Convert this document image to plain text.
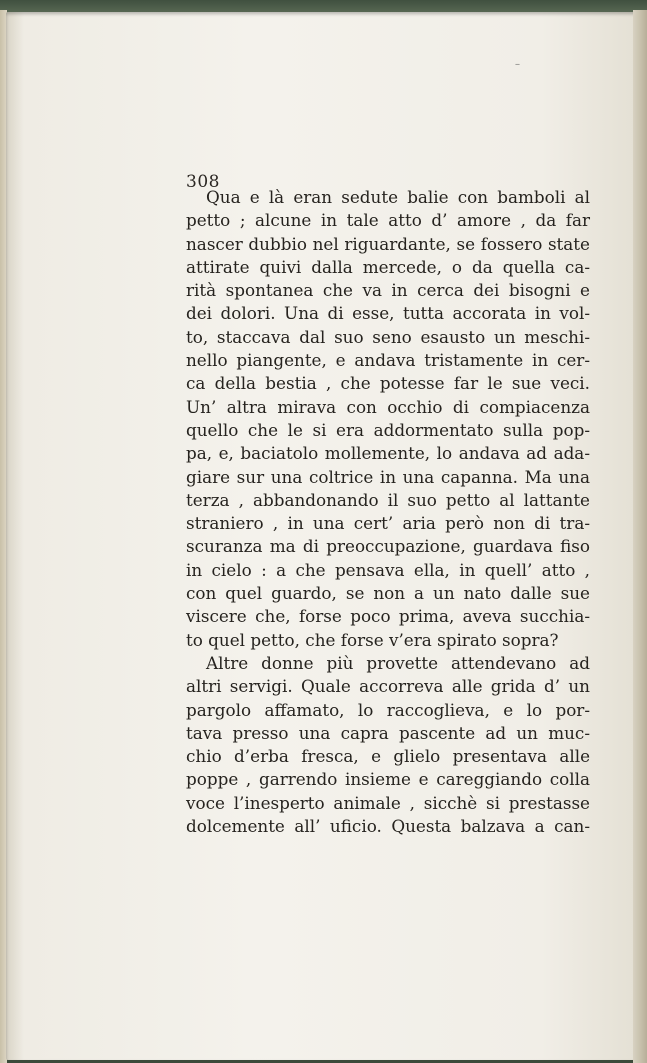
–
308
Qua e là eran sedute balie con bamboli al
petto ; alcune in tale atto d’ amore , da far
nascer dubbio nel riguardante, se fossero state
attirate quivi dalla mercede, o da quella ca-
rità spontanea che va in cerca dei bisogni e
dei dolori. Una di esse, tutta accorata in vol-
to, staccava dal suo seno esausto un meschi-
nello piangente, e andava tristamente in cer-
ca della bestia , che potesse far le sue veci.
Un’ altra mirava con occhio di compiacenza
quello che le si era addormentato sulla pop-
pa, e, baciatolo mollemente, lo andava ad ada-
giare sur una coltrice in una capanna. Ma una
terza , abbandonando il suo petto al lattante
straniero , in una cert’ aria però non di tra-
scuranza ma di preoccupazione, guardava fiso
in cielo : a che pensava ella, in quell’ atto ,
con quel guardo, se non a un nato dalle sue
viscere che, forse poco prima, aveva succhia-
to quel petto, che forse v’era spirato sopra?
Altre donne più provette attendevano ad
altri servigi. Quale accorreva alle grida d’ un
pargolo affamato, lo raccoglieva, e lo por-
tava presso una capra pascente ad un muc-
chio d’erba fresca, e glielo presentava alle
poppe , garrendo insieme e careggiando colla
voce l’inesperto animale , sicchè si prestasse
dolcemente all’ uficio. Questa balzava a can-
